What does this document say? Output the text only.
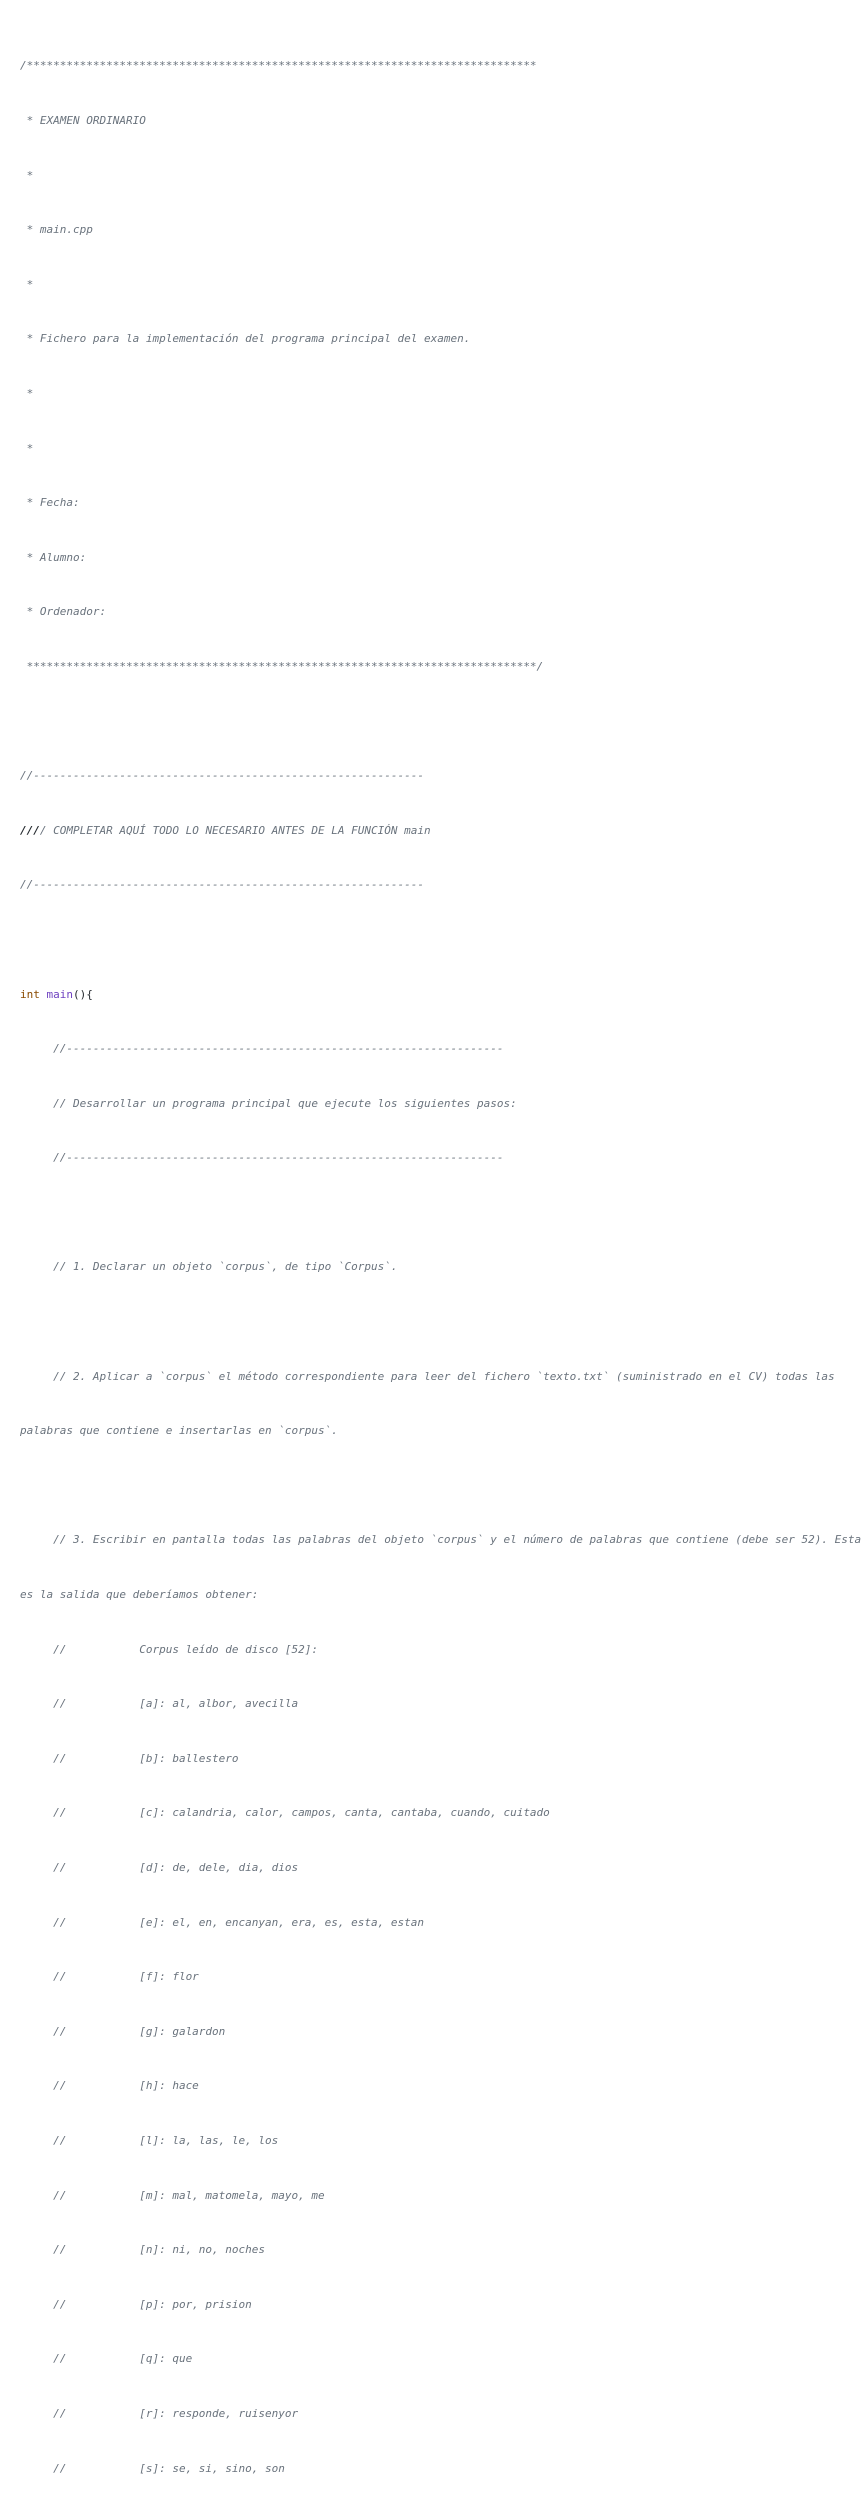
/*****************************************************************************

* EXAMEN ORDINARIO

*

* main.cpp

*

* Fichero para la implementación del programa principal del examen.

*

*

* Fecha:

* Alumno:

* Ordenador:

*****************************************************************************/

//-----------------------------------------------------------

//// COMPLETAR AQUÍ TODO LO NECESARIO ANTES DE LA FUNCIÓN main

//-----------------------------------------------------------

int main(){

//------------------------------------------------------------------

// Desarrollar un programa principal que ejecute los siguientes pasos:

//------------------------------------------------------------------

// 1. Declarar un objeto `corpus`, de tipo `Corpus`.

// 2. Aplicar a `corpus` el método correspondiente para leer del fichero `texto.txt` (suministrado en el CV) todas las

palabras que contiene e insertarlas en `corpus`.

// 3. Escribir en pantalla todas las palabras del objeto `corpus` y el número de palabras que contiene (debe ser 52). Esta

es la salida que deberíamos obtener:

//           Corpus leído de disco [52]:

//           [a]: al, albor, avecilla

//           [b]: ballestero

//           [c]: calandria, calor, campos, canta, cantaba, cuando, cuitado

//           [d]: de, dele, dia, dios

//           [e]: el, en, encanyan, era, es, esta, estan

//           [f]: flor

//           [g]: galardon

//           [h]: hace

//           [l]: la, las, le, los

//           [m]: mal, matomela, mayo, me

//           [n]: ni, no, noches

//           [p]: por, prision

//           [q]: que

//           [r]: responde, ruisenyor

//           [s]: se, si, sino, son
